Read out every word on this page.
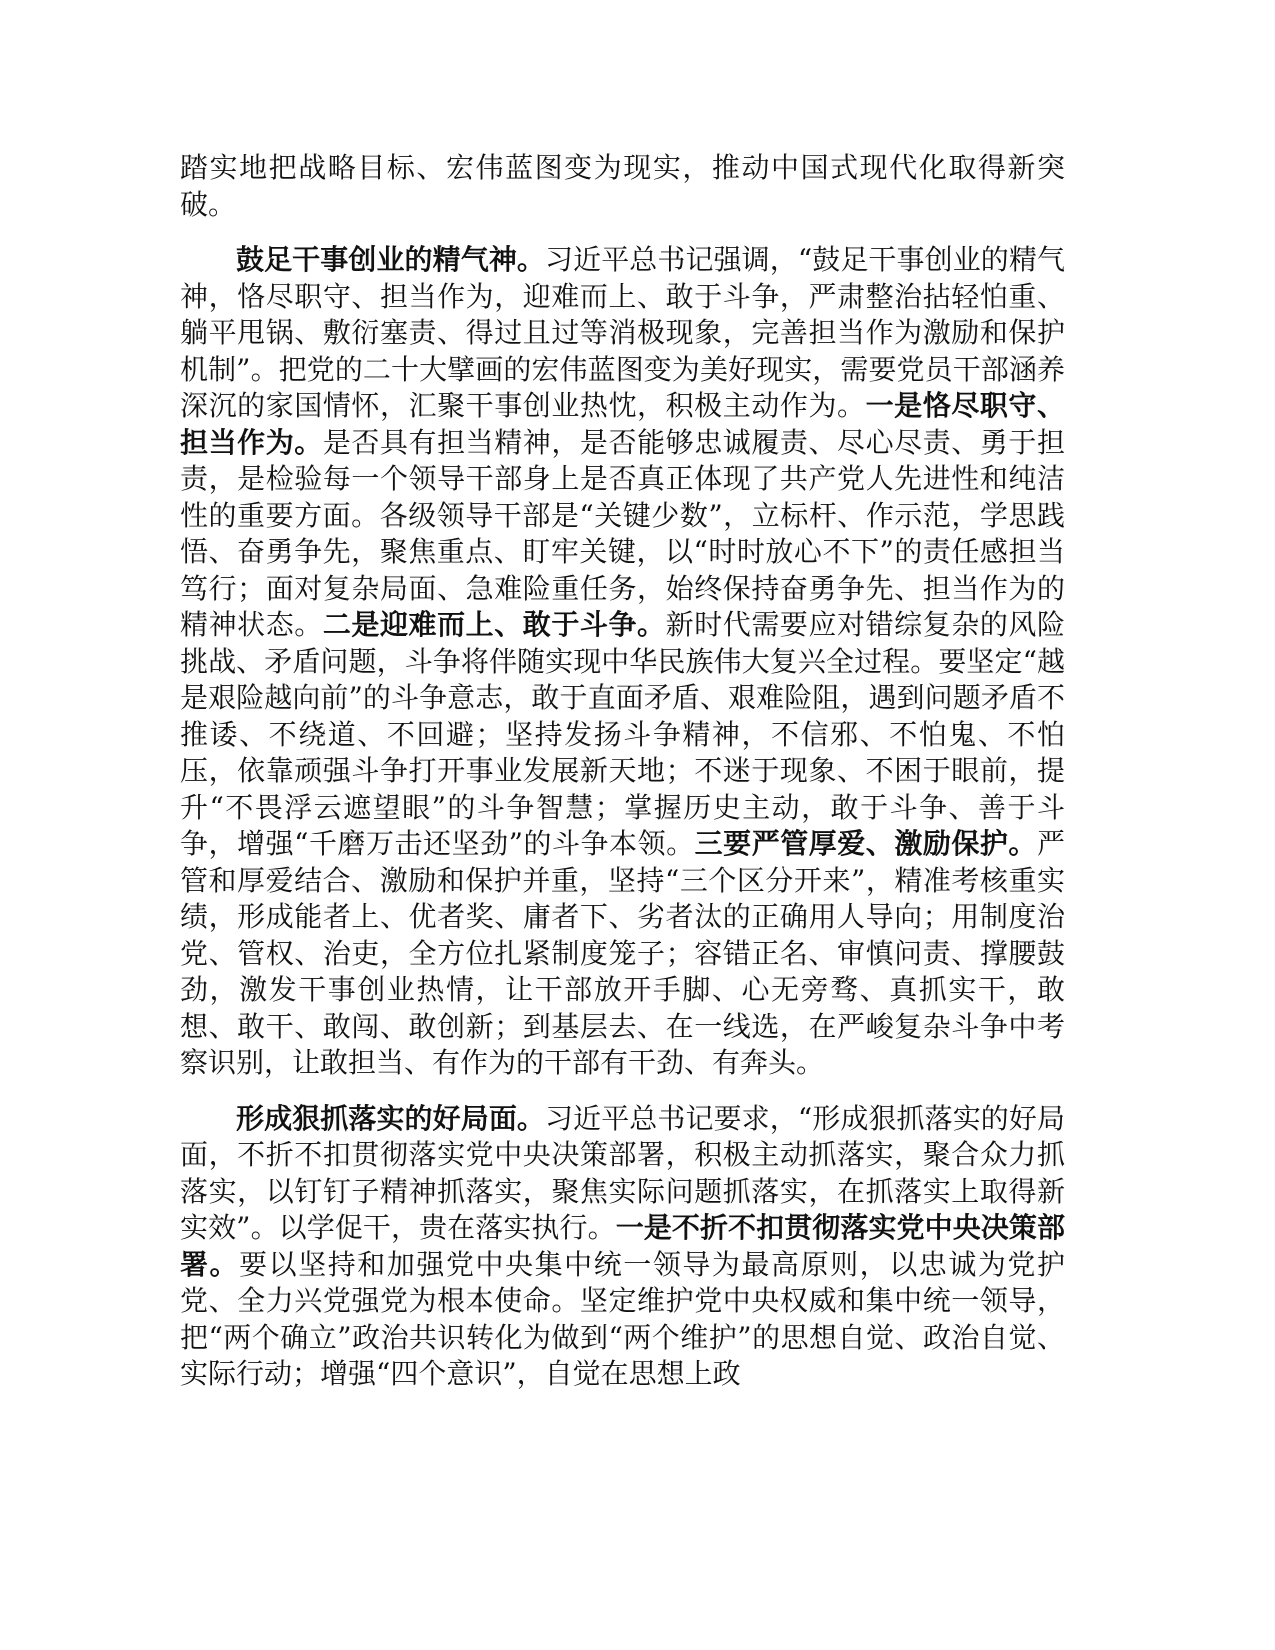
踏实地把战略目标、宏伟蓝图变为现实，推动中国式现代化取得新突破。

鼓足干事创业的精气神。习近平总书记强调，“鼓足干事创业的精气神，恪尽职守、担当作为，迎难而上、敢于斗争，严肃整治拈轻怕重、躺平甩锅、敷衍塞责、得过且过等消极现象，完善担当作为激励和保护机制”。把党的二十大擘画的宏伟蓝图变为美好现实，需要党员干部涵养深沉的家国情怀，汇聚干事创业热忱，积极主动作为。一是恪尽职守、担当作为。是否具有担当精神，是否能够忠诚履责、尽心尽责、勇于担责，是检验每一个领导干部身上是否真正体现了共产党人先进性和纯洁性的重要方面。各级领导干部是“关键少数”，立标杆、作示范，学思践悟、奋勇争先，聚焦重点、盯牢关键，以“时时放心不下”的责任感担当笃行；面对复杂局面、急难险重任务，始终保持奋勇争先、担当作为的精神状态。二是迎难而上、敢于斗争。新时代需要应对错综复杂的风险挑战、矛盾问题，斗争将伴随实现中华民族伟大复兴全过程。要坚定“越是艰险越向前”的斗争意志，敢于直面矛盾、艰难险阻，遇到问题矛盾不推诿、不绕道、不回避；坚持发扬斗争精神，不信邪、不怕鬼、不怕压，依靠顽强斗争打开事业发展新天地；不迷于现象、不困于眼前，提升“不畏浮云遮望眼”的斗争智慧；掌握历史主动，敢于斗争、善于斗争，增强“千磨万击还坚劲”的斗争本领。三要严管厚爱、激励保护。严管和厚爱结合、激励和保护并重，坚持“三个区分开来”，精准考核重实绩，形成能者上、优者奖、庸者下、劣者汰的正确用人导向；用制度治党、管权、治吏，全方位扎紧制度笼子；容错正名、审慎问责、撑腰鼓劲，激发干事创业热情，让干部放开手脚、心无旁骛、真抓实干，敢想、敢干、敢闯、敢创新；到基层去、在一线选，在严峻复杂斗争中考察识别，让敢担当、有作为的干部有干劲、有奔头。

形成狠抓落实的好局面。习近平总书记要求，“形成狠抓落实的好局面，不折不扣贯彻落实党中央决策部署，积极主动抓落实，聚合众力抓落实，以钉钉子精神抓落实，聚焦实际问题抓落实，在抓落实上取得新实效”。以学促干，贵在落实执行。一是不折不扣贯彻落实党中央决策部署。要以坚持和加强党中央集中统一领导为最高原则，以忠诚为党护党、全力兴党强党为根本使命。坚定维护党中央权威和集中统一领导，把“两个确立”政治共识转化为做到“两个维护”的思想自觉、政治自觉、实际行动；增强“四个意识”，自觉在思想上政
